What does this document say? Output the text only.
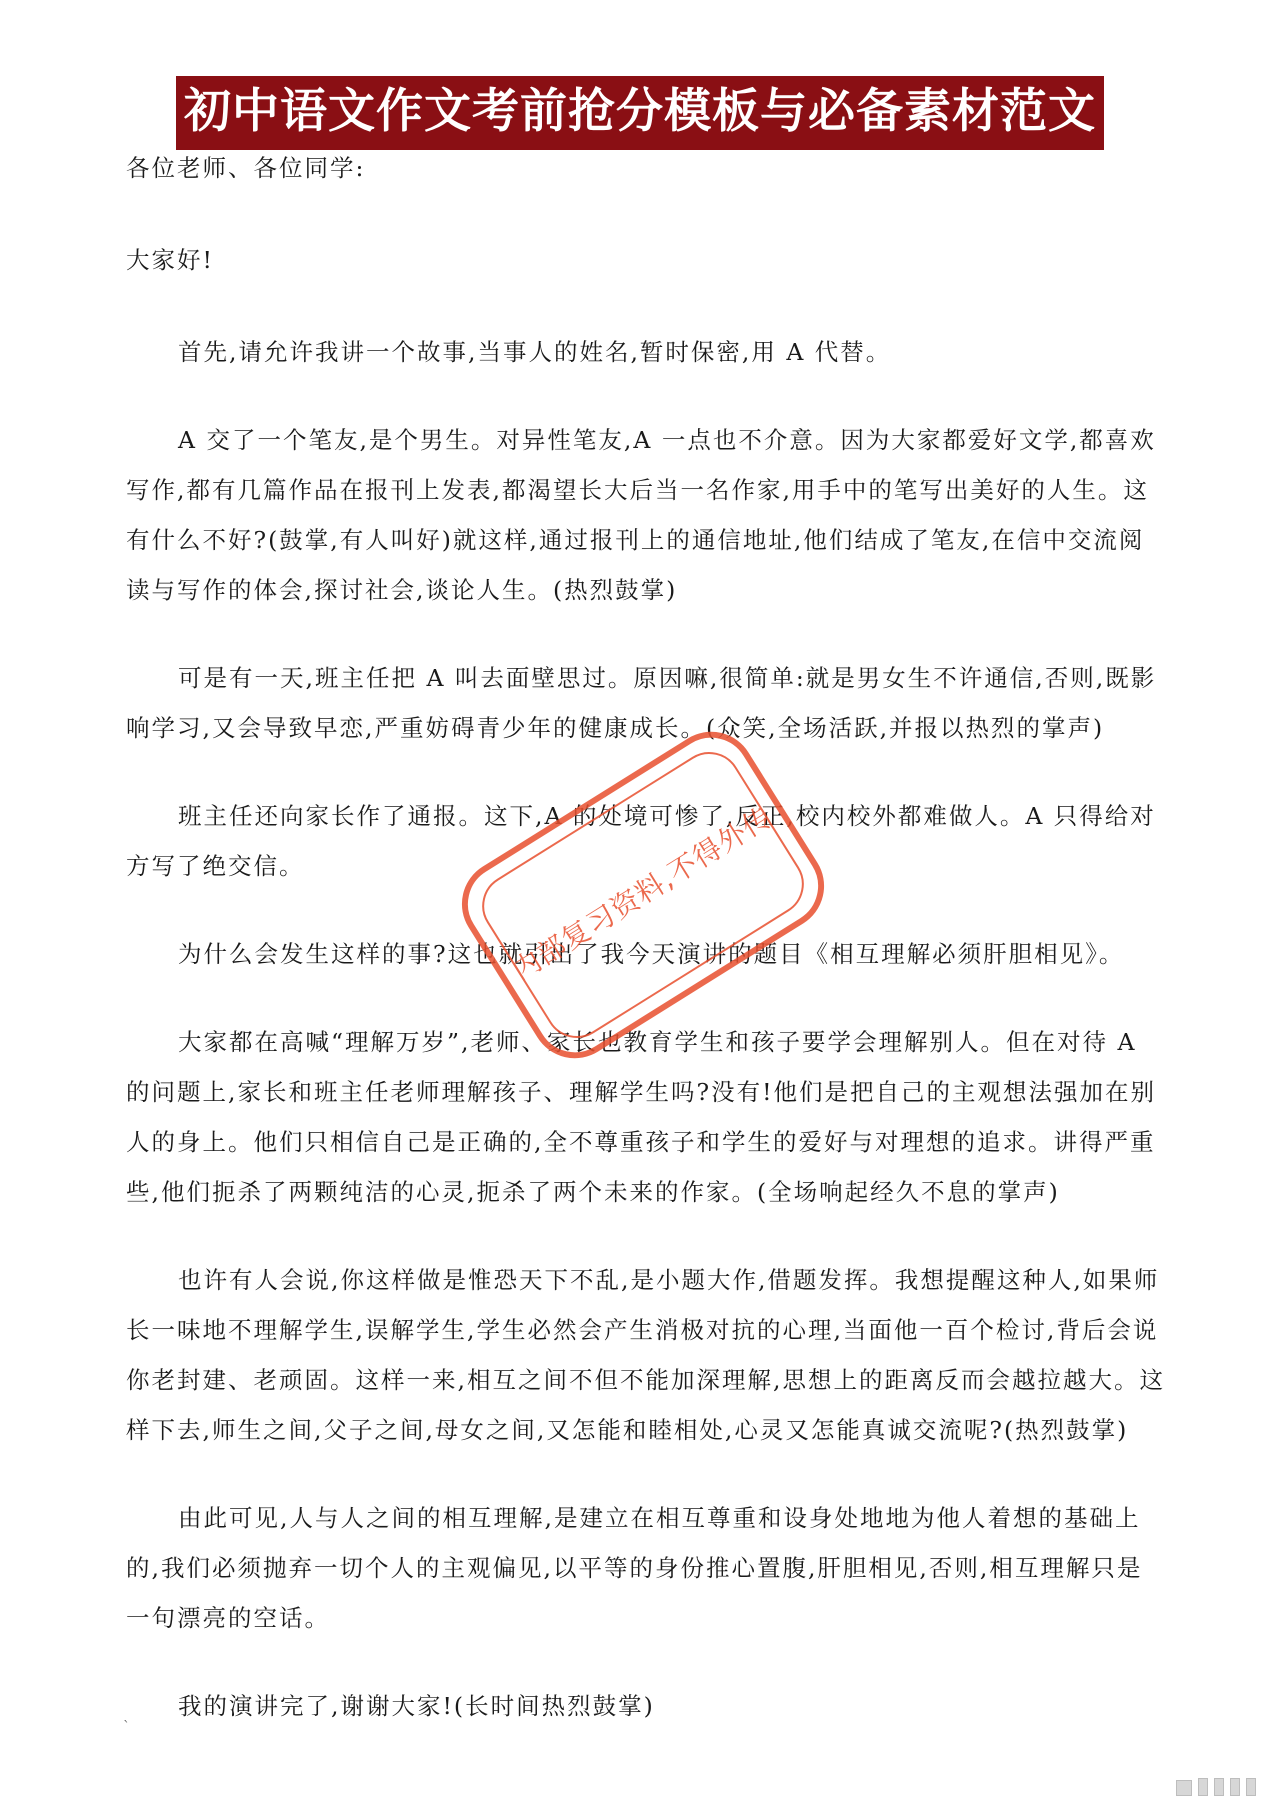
初中语文作文考前抢分模板与必备素材范文

各位老师、各位同学:

大家好!

首先,请允许我讲一个故事,当事人的姓名,暂时保密,用 A 代替。

A 交了一个笔友,是个男生。对异性笔友,A 一点也不介意。因为大家都爱好文学,都喜欢写作,都有几篇作品在报刊上发表,都渴望长大后当一名作家,用手中的笔写出美好的人生。这有什么不好?(鼓掌,有人叫好)就这样,通过报刊上的通信地址,他们结成了笔友,在信中交流阅读与写作的体会,探讨社会,谈论人生。(热烈鼓掌)

可是有一天,班主任把 A 叫去面壁思过。原因嘛,很简单:就是男女生不许通信,否则,既影响学习,又会导致早恋,严重妨碍青少年的健康成长。(众笑,全场活跃,并报以热烈的掌声)

班主任还向家长作了通报。这下,A 的处境可惨了,反正,校内校外都难做人。A 只得给对方写了绝交信。

为什么会发生这样的事?这也就引出了我今天演讲的题目《相互理解必须肝胆相见》。

大家都在高喊“理解万岁”,老师、家长也教育学生和孩子要学会理解别人。但在对待 A 的问题上,家长和班主任老师理解孩子、理解学生吗?没有!他们是把自己的主观想法强加在别人的身上。他们只相信自己是正确的,全不尊重孩子和学生的爱好与对理想的追求。讲得严重些,他们扼杀了两颗纯洁的心灵,扼杀了两个未来的作家。(全场响起经久不息的掌声)

也许有人会说,你这样做是惟恐天下不乱,是小题大作,借题发挥。我想提醒这种人,如果师长一味地不理解学生,误解学生,学生必然会产生消极对抗的心理,当面他一百个检讨,背后会说你老封建、老顽固。这样一来,相互之间不但不能加深理解,思想上的距离反而会越拉越大。这样下去,师生之间,父子之间,母女之间,又怎能和睦相处,心灵又怎能真诚交流呢?(热烈鼓掌)

由此可见,人与人之间的相互理解,是建立在相互尊重和设身处地地为他人着想的基础上的,我们必须抛弃一切个人的主观偏见,以平等的身份推心置腹,肝胆相见,否则,相互理解只是一句漂亮的空话。

我的演讲完了,谢谢大家!(长时间热烈鼓掌)

内部复习资料,不得外传
`
